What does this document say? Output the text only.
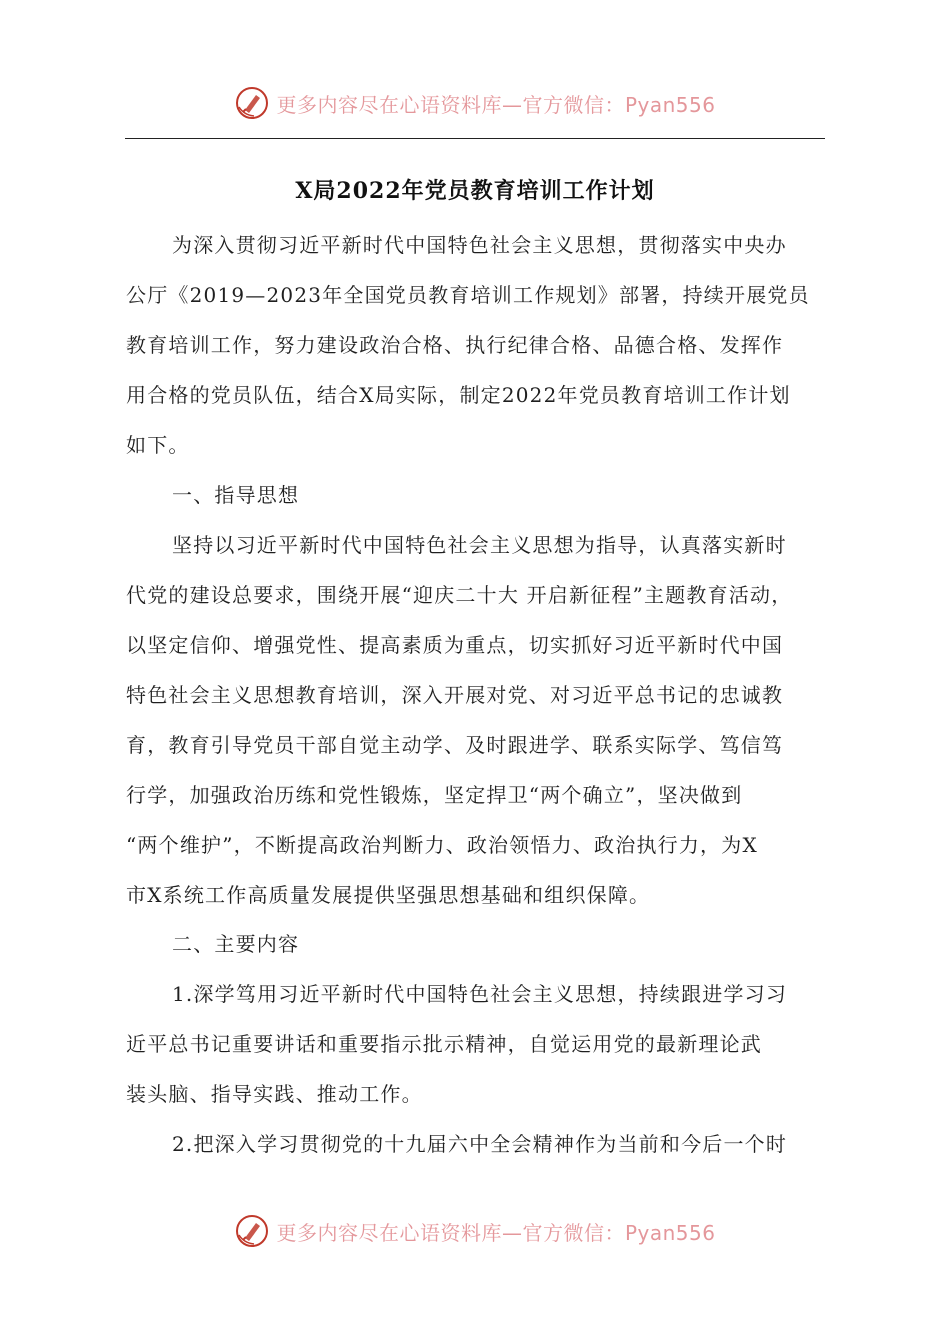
更多内容尽在心语资料库—官方微信：Pyan556
X局2022年党员教育培训工作计划
为深入贯彻习近平新时代中国特色社会主义思想，贯彻落实中央办
公厅《2019—2023年全国党员教育培训工作规划》部署，持续开展党员
教育培训工作，努力建设政治合格、执行纪律合格、品德合格、发挥作
用合格的党员队伍，结合X局实际，制定2022年党员教育培训工作计划
如下。
一、指导思想
坚持以习近平新时代中国特色社会主义思想为指导，认真落实新时
代党的建设总要求，围绕开展“迎庆二十大 开启新征程”主题教育活动，
以坚定信仰、增强党性、提高素质为重点，切实抓好习近平新时代中国
特色社会主义思想教育培训，深入开展对党、对习近平总书记的忠诚教
育，教育引导党员干部自觉主动学、及时跟进学、联系实际学、笃信笃
行学，加强政治历练和党性锻炼，坚定捍卫“两个确立”，坚决做到
“两个维护”，不断提高政治判断力、政治领悟力、政治执行力，为X
市X系统工作高质量发展提供坚强思想基础和组织保障。
二、主要内容
1.深学笃用习近平新时代中国特色社会主义思想，持续跟进学习习
近平总书记重要讲话和重要指示批示精神，自觉运用党的最新理论武
装头脑、指导实践、推动工作。
2.把深入学习贯彻党的十九届六中全会精神作为当前和今后一个时
更多内容尽在心语资料库—官方微信：Pyan556
